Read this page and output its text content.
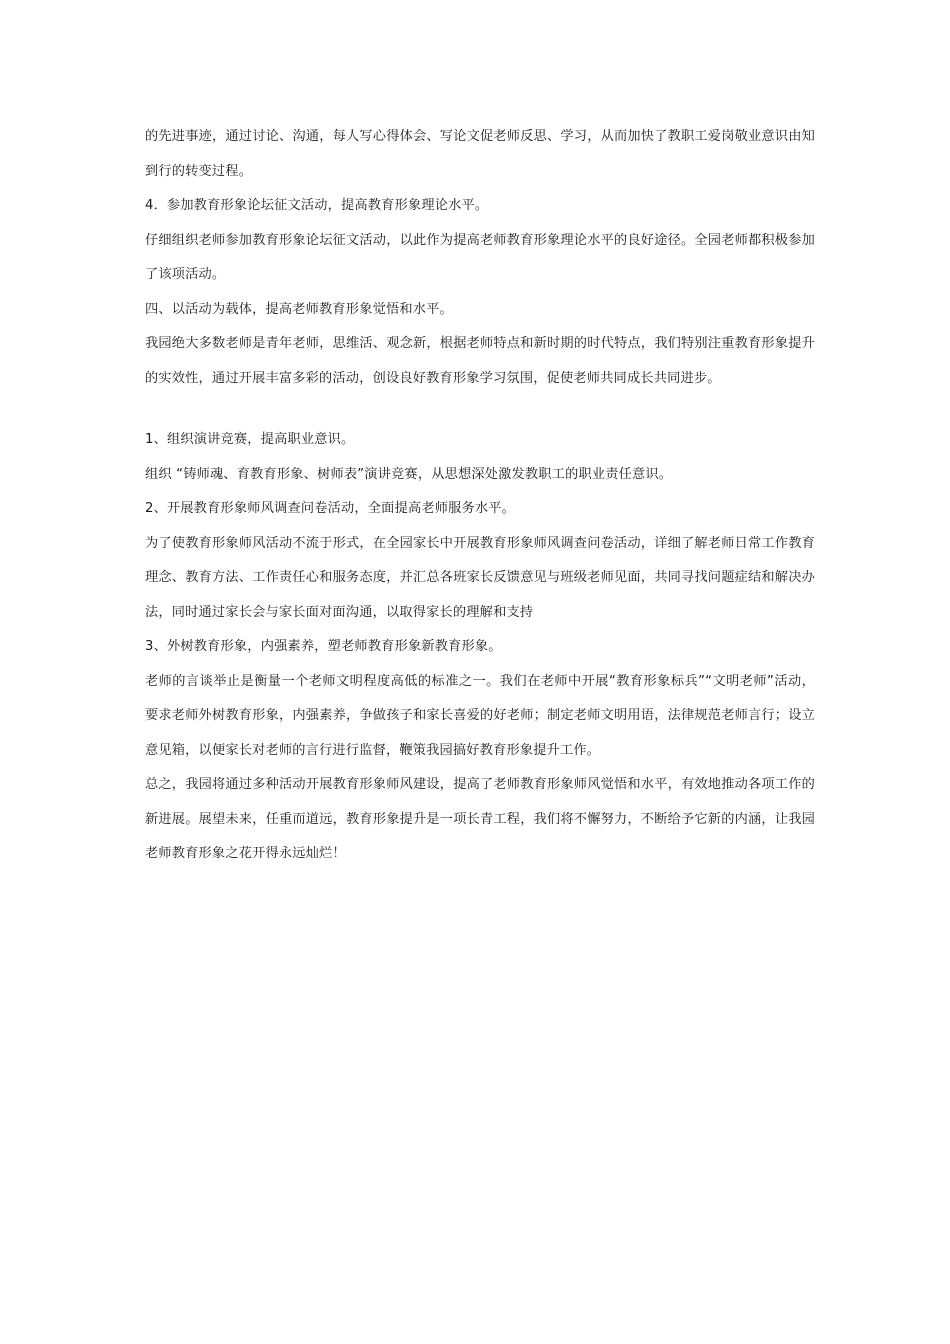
的先进事迹，通过讨论、沟通，每人写心得体会、写论文促老师反思、学习，从而加快了教职工爱岗敬业意识由知到行的转变过程。

4．参加教育形象论坛征文活动，提高教育形象理论水平。

仔细组织老师参加教育形象论坛征文活动，以此作为提高老师教育形象理论水平的良好途径。全园老师都积极参加了该项活动。

四、以活动为载体，提高老师教育形象觉悟和水平。

我园绝大多数老师是青年老师，思维活、观念新，根据老师特点和新时期的时代特点，我们特别注重教育形象提升的实效性，通过开展丰富多彩的活动，创设良好教育形象学习氛围，促使老师共同成长共同进步。

1、组织演讲竞赛，提高职业意识。

组织 “铸师魂、育教育形象、树师表”演讲竞赛，从思想深处激发教职工的职业责任意识。

2、开展教育形象师风调查问卷活动，全面提高老师服务水平。

为了使教育形象师风活动不流于形式，在全园家长中开展教育形象师风调查问卷活动，详细了解老师日常工作教育理念、教育方法、工作责任心和服务态度，并汇总各班家长反馈意见与班级老师见面，共同寻找问题症结和解决办法，同时通过家长会与家长面对面沟通，以取得家长的理解和支持

3、外树教育形象，内强素养，塑老师教育形象新教育形象。

老师的言谈举止是衡量一个老师文明程度高低的标准之一。我们在老师中开展“教育形象标兵”“文明老师”活动，要求老师外树教育形象，内强素养，争做孩子和家长喜爱的好老师；制定老师文明用语，法律规范老师言行；设立意见箱，以便家长对老师的言行进行监督，鞭策我园搞好教育形象提升工作。

总之，我园将通过多种活动开展教育形象师风建设，提高了老师教育形象师风觉悟和水平，有效地推动各项工作的新进展。展望未来，任重而道远，教育形象提升是一项长青工程，我们将不懈努力，不断给予它新的内涵，让我园老师教育形象之花开得永远灿烂！
